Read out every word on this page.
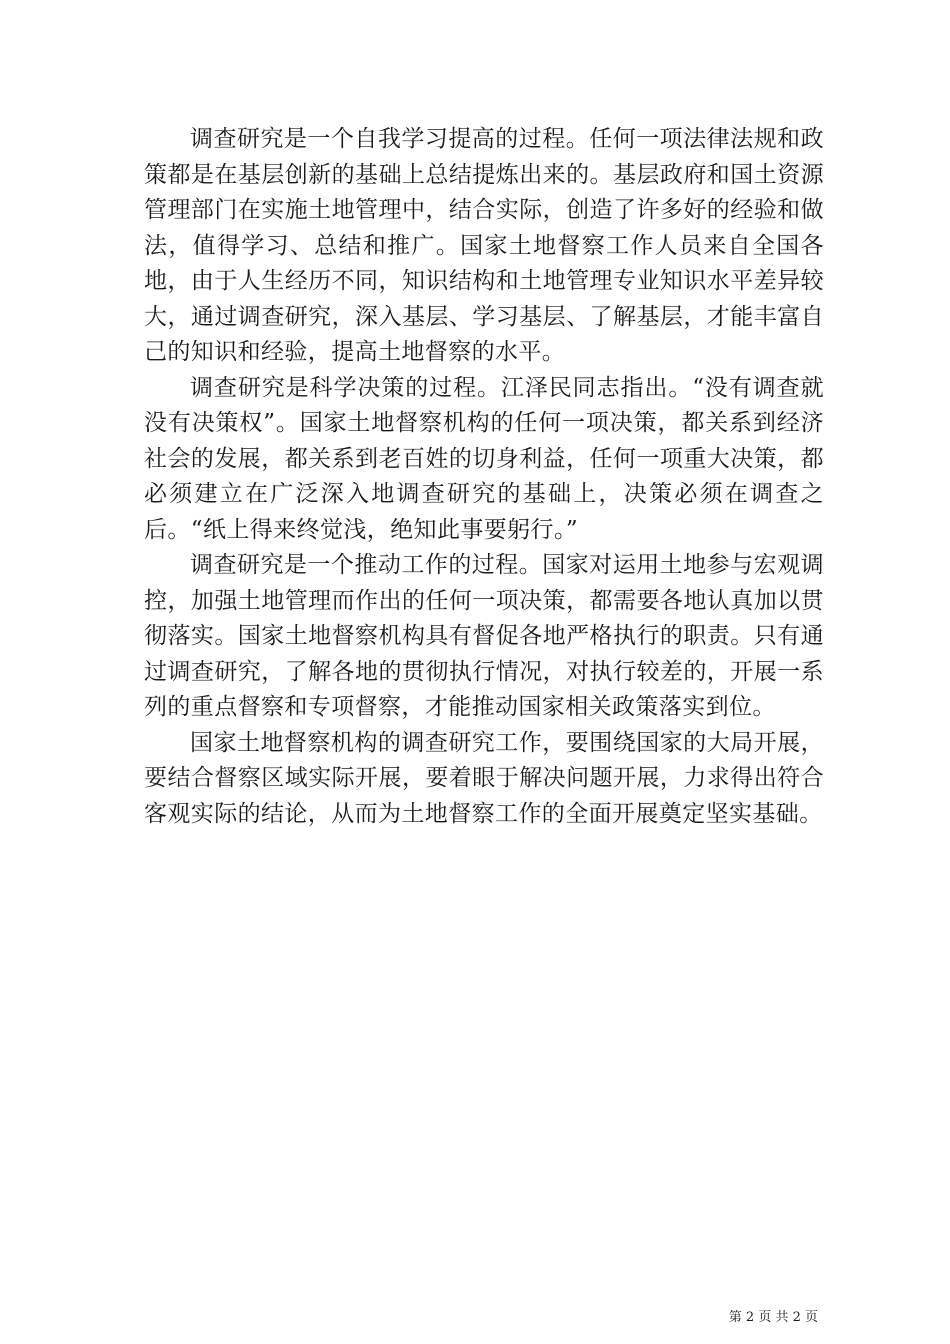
调查研究是一个自我学习提高的过程。任何一项法律法规和政策都是在基层创新的基础上总结提炼出来的。基层政府和国土资源管理部门在实施土地管理中，结合实际，创造了许多好的经验和做法，值得学习、总结和推广。国家土地督察工作人员来自全国各地，由于人生经历不同，知识结构和土地管理专业知识水平差异较大，通过调查研究，深入基层、学习基层、了解基层，才能丰富自己的知识和经验，提高土地督察的水平。

调查研究是科学决策的过程。江泽民同志指出。“没有调查就没有决策权”。国家土地督察机构的任何一项决策，都关系到经济社会的发展，都关系到老百姓的切身利益，任何一项重大决策，都必须建立在广泛深入地调查研究的基础上，决策必须在调查之后。“纸上得来终觉浅，绝知此事要躬行。”

调查研究是一个推动工作的过程。国家对运用土地参与宏观调控，加强土地管理而作出的任何一项决策，都需要各地认真加以贯彻落实。国家土地督察机构具有督促各地严格执行的职责。只有通过调查研究，了解各地的贯彻执行情况，对执行较差的，开展一系列的重点督察和专项督察，才能推动国家相关政策落实到位。

国家土地督察机构的调查研究工作，要围绕国家的大局开展，要结合督察区域实际开展，要着眼于解决问题开展，力求得出符合客观实际的结论，从而为土地督察工作的全面开展奠定坚实基础。

第 2 页 共 2 页
